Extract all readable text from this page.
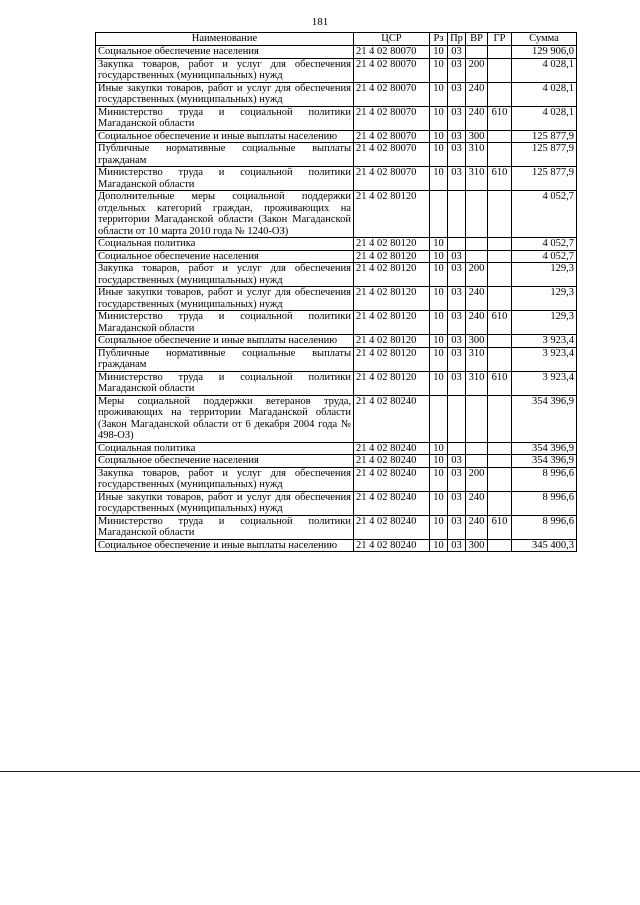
181
Наименование	ЦСР	Рз	Пр	ВР	ГР	Сумма
Социальное обеспечение населения	21 4 02 80070	10	03			129 906,0
Закупка товаров, работ и услуг для обеспечения государственных (муниципальных) нужд	21 4 02 80070	10	03	200		4 028,1
Иные закупки товаров, работ и услуг для обеспечения государственных (муниципальных) нужд	21 4 02 80070	10	03	240		4 028,1
Министерство труда и социальной политики Магаданской области	21 4 02 80070	10	03	240	610	4 028,1
Социальное обеспечение и иные выплаты населению	21 4 02 80070	10	03	300		125 877,9
Публичные нормативные социальные выплаты гражданам	21 4 02 80070	10	03	310		125 877,9
Министерство труда и социальной политики Магаданской области	21 4 02 80070	10	03	310	610	125 877,9
Дополнительные меры социальной поддержки отдельных категорий граждан, проживающих на территории Магаданской области (Закон Магаданской области от 10 марта 2010 года № 1240-ОЗ)	21 4 02 80120					4 052,7
Социальная политика	21 4 02 80120	10				4 052,7
Социальное обеспечение населения	21 4 02 80120	10	03			4 052,7
Закупка товаров, работ и услуг для обеспечения государственных (муниципальных) нужд	21 4 02 80120	10	03	200		129,3
Иные закупки товаров, работ и услуг для обеспечения государственных (муниципальных) нужд	21 4 02 80120	10	03	240		129,3
Министерство труда и социальной политики Магаданской области	21 4 02 80120	10	03	240	610	129,3
Социальное обеспечение и иные выплаты населению	21 4 02 80120	10	03	300		3 923,4
Публичные нормативные социальные выплаты гражданам	21 4 02 80120	10	03	310		3 923,4
Министерство труда и социальной политики Магаданской области	21 4 02 80120	10	03	310	610	3 923,4
Меры социальной поддержки ветеранов труда, проживающих на территории Магаданской области (Закон Магаданской области от 6 декабря 2004 года № 498-ОЗ)	21 4 02 80240					354 396,9
Социальная политика	21 4 02 80240	10				354 396,9
Социальное обеспечение населения	21 4 02 80240	10	03			354 396,9
Закупка товаров, работ и услуг для обеспечения государственных (муниципальных) нужд	21 4 02 80240	10	03	200		8 996,6
Иные закупки товаров, работ и услуг для обеспечения государственных (муниципальных) нужд	21 4 02 80240	10	03	240		8 996,6
Министерство труда и социальной политики Магаданской области	21 4 02 80240	10	03	240	610	8 996,6
Социальное обеспечение и иные выплаты населению	21 4 02 80240	10	03	300		345 400,3
